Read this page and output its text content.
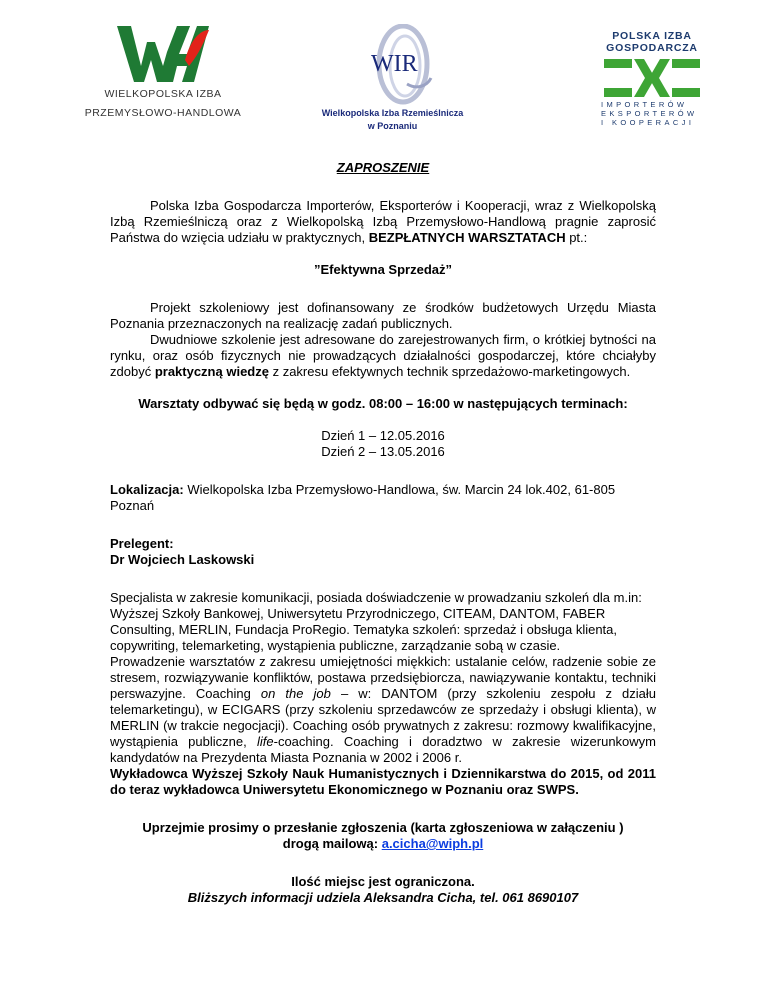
WIELKOPOLSKA IZBA
PRZEMYSŁOWO-HANDLOWA
WIR
Wielkopolska Izba Rzemieślnicza
w Poznaniu
POLSKA IZBA
GOSPODARCZA
IMPORTERÓW
EKSPORTERÓW
I KOOPERACJI

ZAPROSZENIE

Polska Izba Gospodarcza Importerów, Eksporterów i Kooperacji, wraz z Wielkopolską Izbą Rzemieślniczą oraz z Wielkopolską Izbą Przemysłowo-Handlową pragnie zaprosić Państwa do wzięcia udziału w praktycznych, BEZPŁATNYCH WARSZTATACH pt.:

”Efektywna Sprzedaż”

Projekt szkoleniowy jest dofinansowany ze środków budżetowych Urzędu Miasta Poznania przeznaczonych na realizację zadań publicznych.

Dwudniowe szkolenie jest adresowane do zarejestrowanych firm, o krótkiej bytności na rynku, oraz osób fizycznych nie prowadzących działalności gospodarczej, które chciałyby zdobyć praktyczną wiedzę z zakresu efektywnych technik sprzedażowo-marketingowych.

Warsztaty odbywać się będą w godz. 08:00 – 16:00 w następujących terminach:

Dzień 1 – 12.05.2016

Dzień 2 – 13.05.2016

Lokalizacja: Wielkopolska Izba Przemysłowo-Handlowa, św. Marcin 24 lok.402, 61-805 Poznań

Prelegent:

Dr Wojciech Laskowski

Specjalista w zakresie komunikacji, posiada doświadczenie w prowadzaniu szkoleń dla m.in: Wyższej Szkoły Bankowej, Uniwersytetu Przyrodniczego, CITEAM, DANTOM, FABER Consulting, MERLIN, Fundacja ProRegio. Tematyka szkoleń: sprzedaż i obsługa klienta, copywriting, telemarketing, wystąpienia publiczne, zarządzanie sobą w czasie.

Prowadzenie warsztatów z zakresu umiejętności miękkich: ustalanie celów, radzenie sobie ze stresem, rozwiązywanie konfliktów, postawa przedsiębiorcza, nawiązywanie kontaktu, techniki perswazyjne. Coaching on the job – w: DANTOM (przy szkoleniu zespołu z działu telemarketingu), w ECIGARS (przy szkoleniu sprzedawców ze sprzedaży i obsługi klienta), w MERLIN (w trakcie negocjacji). Coaching osób prywatnych z zakresu: rozmowy kwalifikacyjne, wystąpienia publiczne, life-coaching. Coaching i doradztwo w zakresie wizerunkowym kandydatów na Prezydenta Miasta Poznania w 2002 i 2006 r.

Wykładowca Wyższej Szkoły Nauk Humanistycznych i Dziennikarstwa do 2015, od 2011 do teraz wykładowca Uniwersytetu Ekonomicznego w Poznaniu oraz SWPS.

Uprzejmie prosimy o przesłanie zgłoszenia (karta zgłoszeniowa w załączeniu )

drogą mailową: a.cicha@wiph.pl

Ilość miejsc jest ograniczona.

Bliższych informacji udziela Aleksandra Cicha, tel. 061 8690107
